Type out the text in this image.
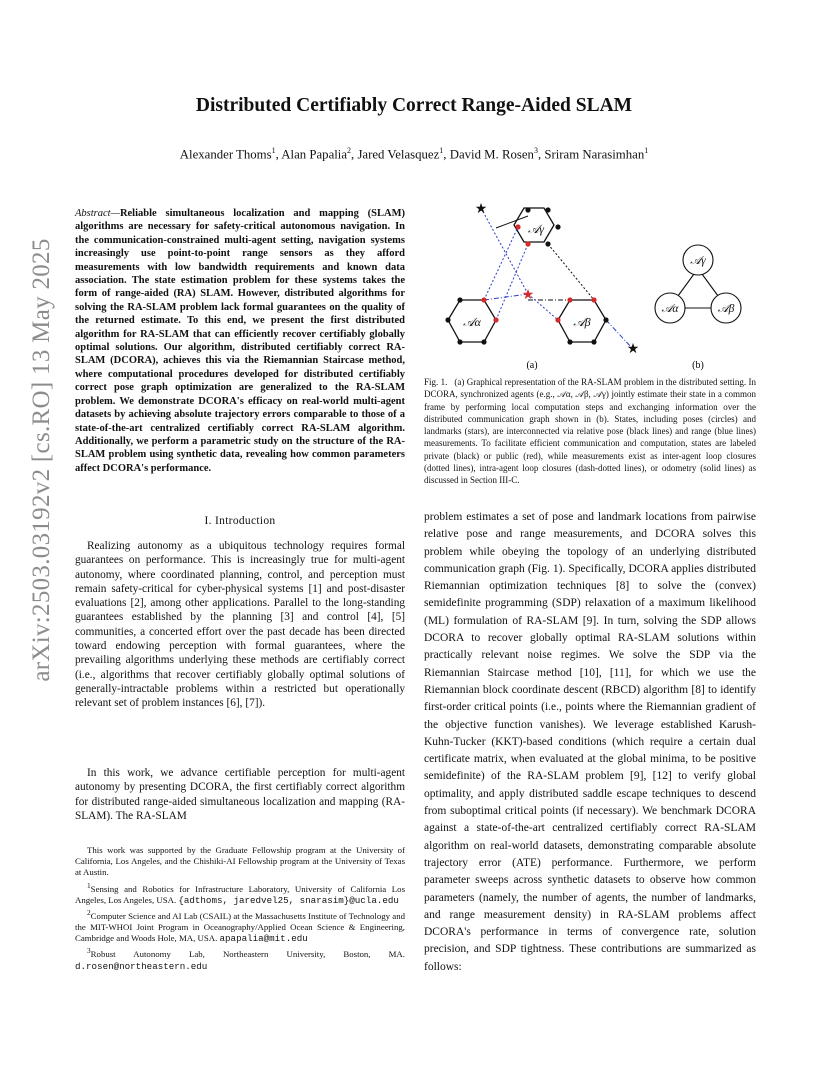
arXiv:2503.03192v2 [cs.RO] 13 May 2025
Distributed Certifiably Correct Range-Aided SLAM
Alexander Thoms$^1$, Alan Papalia$^2$, Jared Velasquez$^1$, David M. Rosen$^3$, Sriram Narasimhan$^1$
Abstract—Reliable simultaneous localization and mapping (SLAM) algorithms are necessary for safety-critical autonomous navigation. In the communication-constrained multi-agent setting, navigation systems increasingly use point-to-point range sensors as they afford measurements with low bandwidth requirements and known data association. The state estimation problem for these systems takes the form of range-aided (RA) SLAM. However, distributed algorithms for solving the RA-SLAM problem lack formal guarantees on the quality of the returned estimate. To this end, we present the first distributed algorithm for RA-SLAM that can efficiently recover certifiably globally optimal solutions. Our algorithm, distributed certifiably correct RA-SLAM (DCORA), achieves this via the Riemannian Staircase method, where computational procedures developed for distributed certifiably correct pose graph optimization are generalized to the RA-SLAM problem. We demonstrate DCORA's efficacy on real-world multi-agent datasets by achieving absolute trajectory errors comparable to those of a state-of-the-art centralized certifiably correct RA-SLAM algorithm. Additionally, we perform a parametric study on the structure of the RA-SLAM problem using synthetic data, revealing how common parameters affect DCORA's performance.
I. Introduction
Realizing autonomy as a ubiquitous technology requires formal guarantees on performance. This is increasingly true for multi-agent autonomy, where coordinated planning, control, and perception must remain safety-critical for cyber-physical systems [1] and post-disaster evaluations [2], among other applications. Parallel to the long-standing guarantees established by the planning [3] and control [4], [5] communities, a concerted effort over the past decade has been directed toward endowing perception with formal guarantees, where the prevailing algorithms underlying these methods are certifiably correct (i.e., algorithms that recover certifiably globally optimal solutions of generally-intractable problems within a restricted but operationally relevant set of problem instances [6], [7]).
In this work, we advance certifiable perception for multi-agent autonomy by presenting DCORA, the first certifiably correct algorithm for distributed range-aided simultaneous localization and mapping (RA-SLAM). The RA-SLAM
This work was supported by the Graduate Fellowship program at the University of California, Los Angeles, and the Chishiki-AI Fellowship program at the University of Texas at Austin.
$^1$Sensing and Robotics for Infrastructure Laboratory, University of California Los Angeles, Los Angeles, USA. {adthoms, jaredvel25, snarasim}@ucla.edu
$^2$Computer Science and AI Lab (CSAIL) at the Massachusetts Institute of Technology and the MIT-WHOI Joint Program in Oceanography/Applied Ocean Science & Engineering, Cambridge and Woods Hole, MA, USA. apapalia@mit.edu
$^3$Robust Autonomy Lab, Northeastern University, Boston, MA. d.rosen@northeastern.edu
★
★
★
𝒜γ
𝒜α	𝒜β
(a)
𝒜γ
𝒜α	𝒜β
(b)
Fig. 1. (a) Graphical representation of the RA-SLAM problem in the distributed setting. In DCORA, synchronized agents (e.g., 𝒜α, 𝒜β, 𝒜γ) jointly estimate their state in a common frame by performing local computation steps and exchanging information over the distributed communication graph shown in (b). States, including poses (circles) and landmarks (stars), are interconnected via relative pose (black lines) and range (blue lines) measurements. To facilitate efficient communication and computation, states are labeled private (black) or public (red), while measurements exist as inter-agent loop closures (dotted lines), intra-agent loop closures (dash-dotted lines), or odometry (solid lines) as discussed in Section III-C.
problem estimates a set of pose and landmark locations from pairwise relative pose and range measurements, and DCORA solves this problem while obeying the topology of an underlying distributed communication graph (Fig. 1). Specifically, DCORA applies distributed Riemannian optimization techniques [8] to solve the (convex) semidefinite programming (SDP) relaxation of a maximum likelihood (ML) formulation of RA-SLAM [9]. In turn, solving the SDP allows DCORA to recover globally optimal RA-SLAM solutions within practically relevant noise regimes. We solve the SDP via the Riemannian Staircase method [10], [11], for which we use the Riemannian block coordinate descent (RBCD) algorithm [8] to identify first-order critical points (i.e., points where the Riemannian gradient of the objective function vanishes). We leverage established Karush-Kuhn-Tucker (KKT)-based conditions (which require a certain dual certificate matrix, when evaluated at the global minima, to be positive semidefinite) of the RA-SLAM problem [9], [12] to verify global optimality, and apply distributed saddle escape techniques to descend from suboptimal critical points (if necessary). We benchmark DCORA against a state-of-the-art centralized certifiably correct RA-SLAM algorithm on real-world datasets, demonstrating comparable absolute trajectory error (ATE) performance. Furthermore, we perform parameter sweeps across synthetic datasets to observe how common parameters (namely, the number of agents, the number of landmarks, and range measurement density) in RA-SLAM problems affect DCORA's performance in terms of convergence rate, solution precision, and SDP tightness. These contributions are summarized as follows:
